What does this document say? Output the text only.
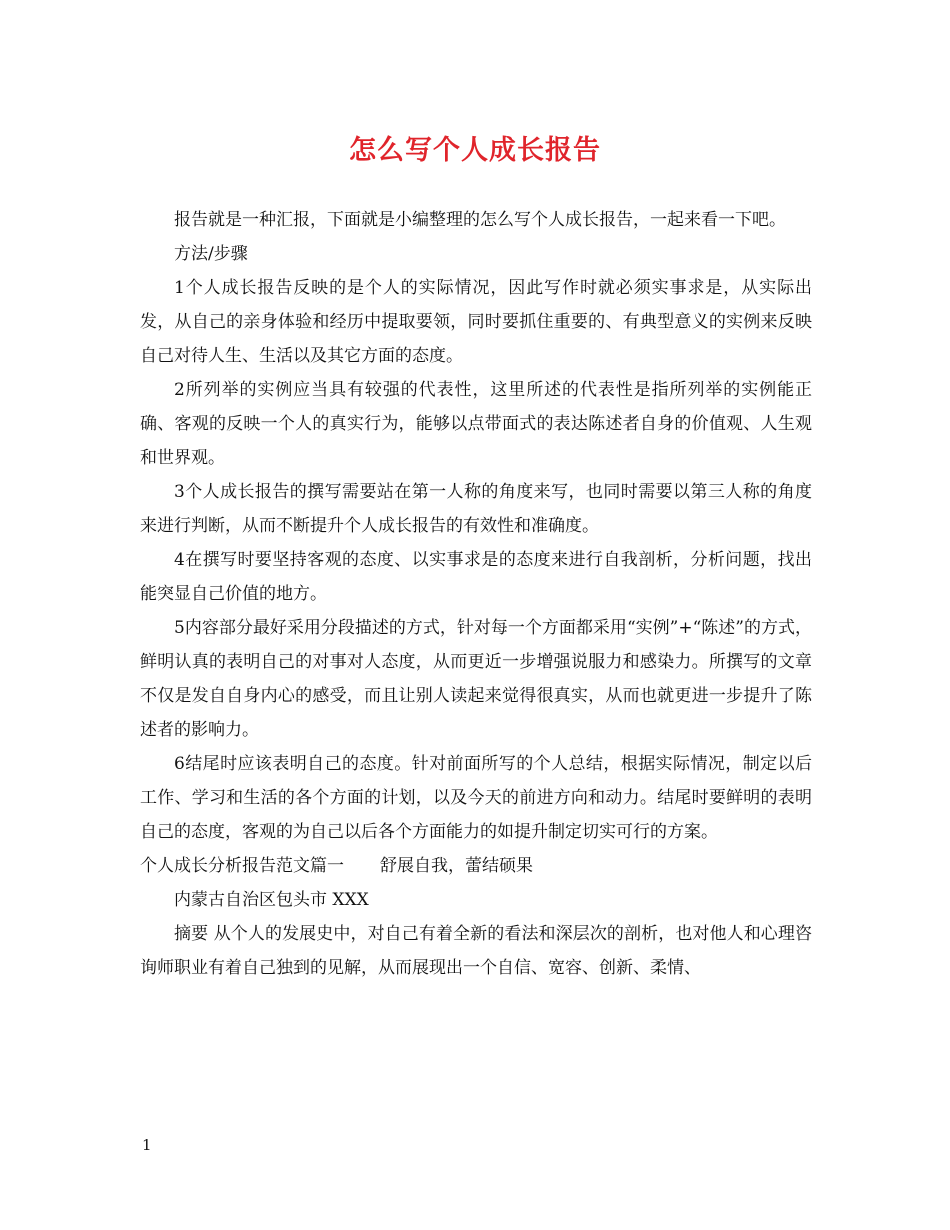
怎么写个人成长报告

报告就是一种汇报，下面就是小编整理的怎么写个人成长报告，一起来看一下吧。

方法/步骤

1个人成长报告反映的是个人的实际情况，因此写作时就必须实事求是，从实际出发，从自己的亲身体验和经历中提取要领，同时要抓住重要的、有典型意义的实例来反映自己对待人生、生活以及其它方面的态度。

2所列举的实例应当具有较强的代表性，这里所述的代表性是指所列举的实例能正确、客观的反映一个人的真实行为，能够以点带面式的表达陈述者自身的价值观、人生观和世界观。

3个人成长报告的撰写需要站在第一人称的角度来写，也同时需要以第三人称的角度来进行判断，从而不断提升个人成长报告的有效性和准确度。

4在撰写时要坚持客观的态度、以实事求是的态度来进行自我剖析，分析问题，找出能突显自己价值的地方。

5内容部分最好采用分段描述的方式，针对每一个方面都采用“实例”+“陈述”的方式，鲜明认真的表明自己的对事对人态度，从而更近一步增强说服力和感染力。所撰写的文章不仅是发自自身内心的感受，而且让别人读起来觉得很真实，从而也就更进一步提升了陈述者的影响力。

6结尾时应该表明自己的态度。针对前面所写的个人总结，根据实际情况，制定以后工作、学习和生活的各个方面的计划，以及今天的前进方向和动力。结尾时要鲜明的表明自己的态度，客观的为自己以后各个方面能力的如提升制定切实可行的方案。

个人成长分析报告范文篇一 舒展自我，蕾结硕果

内蒙古自治区包头市 XXX

摘要 从个人的发展史中，对自己有着全新的看法和深层次的剖析，也对他人和心理咨询师职业有着自己独到的见解，从而展现出一个自信、宽容、创新、柔情、

1
